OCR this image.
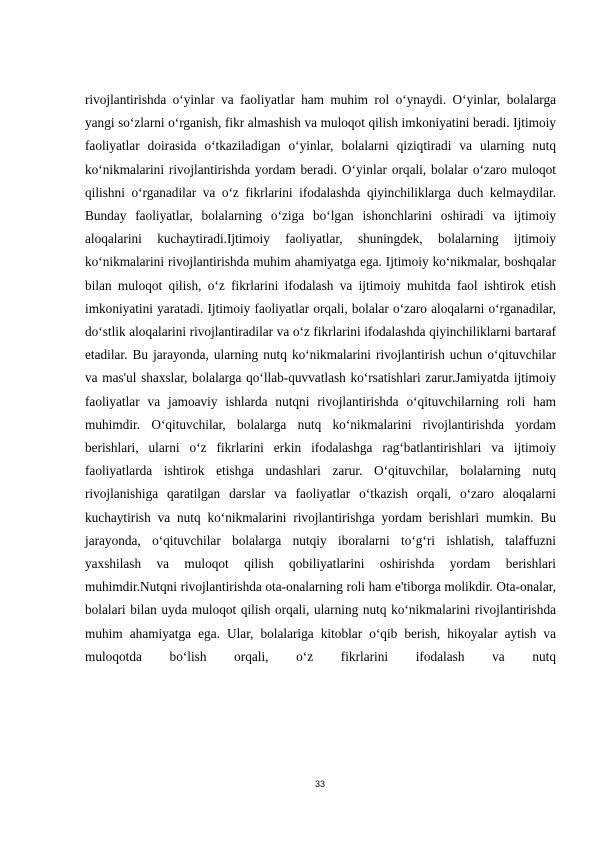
rivojlantirishda o‘yinlar va faoliyatlar ham muhim rol o‘ynaydi. O‘yinlar, bolalarga yangi so‘zlarni o‘rganish, fikr almashish va muloqot qilish imkoniyatini beradi. Ijtimoiy faoliyatlar doirasida o‘tkaziladigan o‘yinlar, bolalarni qiziqtiradi va ularning nutq ko‘nikmalarini rivojlantirishda yordam beradi. O‘yinlar orqali, bolalar o‘zaro muloqot qilishni o‘rganadilar va o‘z fikrlarini ifodalashda qiyinchiliklarga duch kelmaydilar. Bunday faoliyatlar, bolalarning o‘ziga bo‘lgan ishonchlarini oshiradi va ijtimoiy aloqalarini kuchaytiradi.Ijtimoiy faoliyatlar, shuningdek, bolalarning ijtimoiy ko‘nikmalarini rivojlantirishda muhim ahamiyatga ega. Ijtimoiy ko‘nikmalar, boshqalar bilan muloqot qilish, o‘z fikrlarini ifodalash va ijtimoiy muhitda faol ishtirok etish imkoniyatini yaratadi. Ijtimoiy faoliyatlar orqali, bolalar o‘zaro aloqalarni o‘rganadilar, do‘stlik aloqalarini rivojlantiradilar va o‘z fikrlarini ifodalashda qiyinchiliklarni bartaraf etadilar. Bu jarayonda, ularning nutq ko‘nikmalarini rivojlantirish uchun o‘qituvchilar va mas'ul shaxslar, bolalarga qo‘llab-quvvatlash ko‘rsatishlari zarur.Jamiyatda ijtimoiy faoliyatlar va jamoaviy ishlarda nutqni rivojlantirishda o‘qituvchilarning roli ham muhimdir. O‘qituvchilar, bolalarga nutq ko‘nikmalarini rivojlantirishda yordam berishlari, ularni o‘z fikrlarini erkin ifodalashga rag‘batlantirishlari va ijtimoiy faoliyatlarda ishtirok etishga undashlari zarur. O‘qituvchilar, bolalarning nutq rivojlanishiga qaratilgan darslar va faoliyatlar o‘tkazish orqali, o‘zaro aloqalarni kuchaytirish va nutq ko‘nikmalarini rivojlantirishga yordam berishlari mumkin. Bu jarayonda, o‘qituvchilar bolalarga nutqiy iboralarni to‘g‘ri ishlatish, talaffuzni yaxshilash va muloqot qilish qobiliyatlarini oshirishda yordam berishlari muhimdir.Nutqni rivojlantirishda ota-onalarning roli ham e'tiborga molikdir. Ota-onalar, bolalari bilan uyda muloqot qilish orqali, ularning nutq ko‘nikmalarini rivojlantirishda muhim ahamiyatga ega. Ular, bolalariga kitoblar o‘qib berish, hikoyalar aytish va muloqotda bo‘lish orqali, o‘z fikrlarini ifodalash va nutq

33
